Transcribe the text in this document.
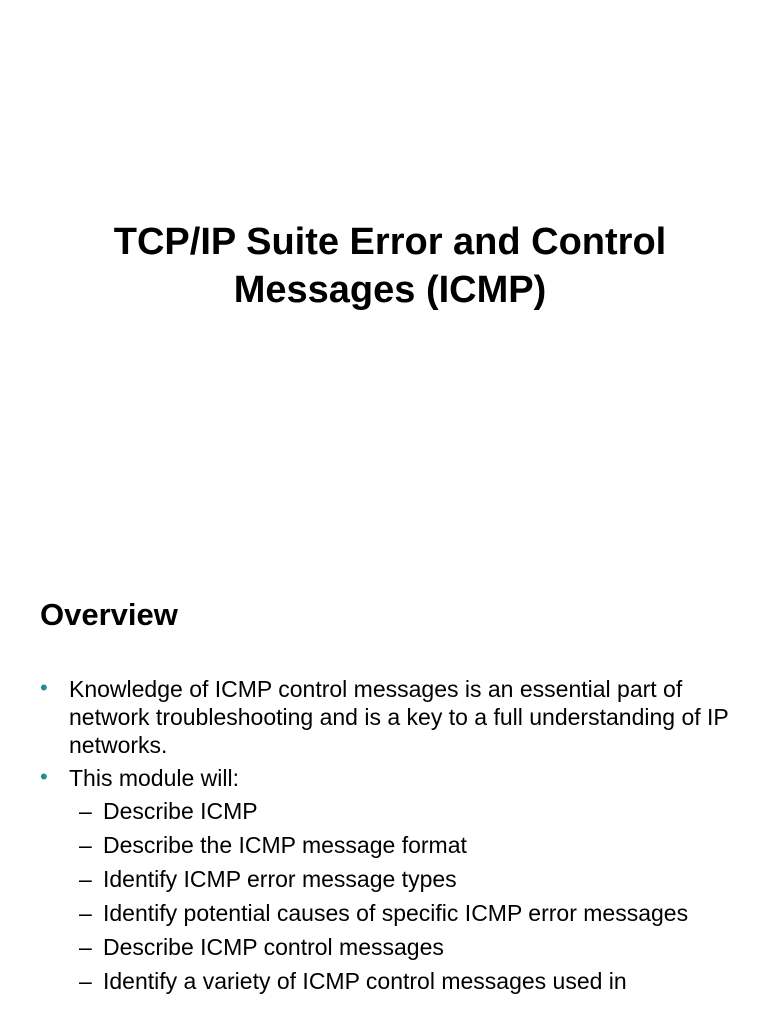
TCP/IP Suite Error and Control
Messages (ICMP)
Overview
• Knowledge of ICMP control messages is an essential part of network troubleshooting and is a key to a full understanding of IP networks.
• This module will:
– Describe ICMP
– Describe the ICMP message format
– Identify ICMP error message types
– Identify potential causes of specific ICMP error messages
– Describe ICMP control messages
– Identify a variety of ICMP control messages used in
